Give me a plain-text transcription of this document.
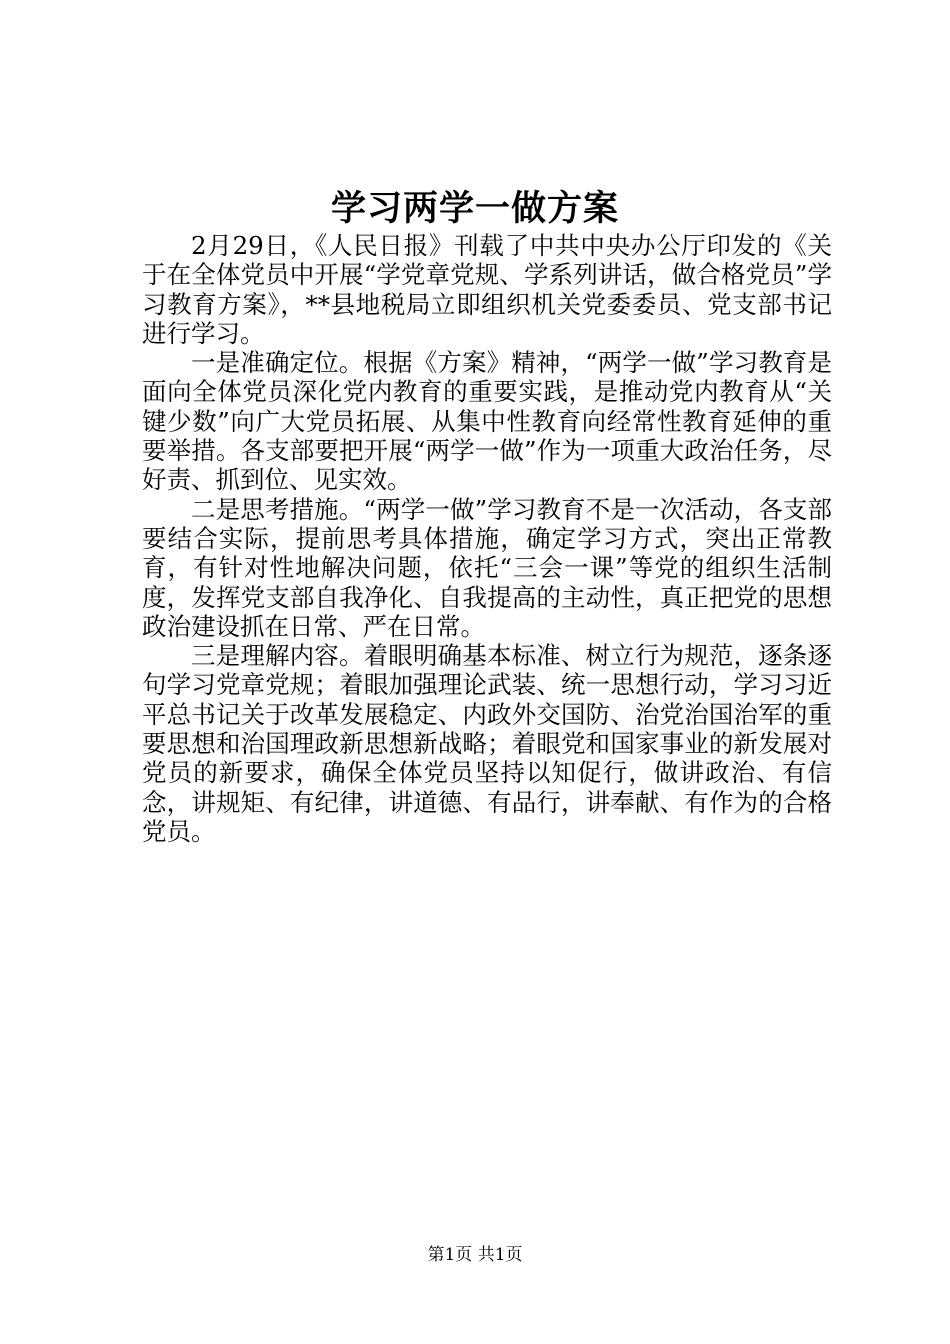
学习两学一做方案

2月29日，《人民日报》刊载了中共中央办公厅印发的《关于在全体党员中开展“学党章党规、学系列讲话，做合格党员”学习教育方案》，**县地税局立即组织机关党委委员、党支部书记进行学习。

一是准确定位。根据《方案》精神，“两学一做”学习教育是面向全体党员深化党内教育的重要实践，是推动党内教育从“关键少数”向广大党员拓展、从集中性教育向经常性教育延伸的重要举措。各支部要把开展“两学一做”作为一项重大政治任务，尽好责、抓到位、见实效。

二是思考措施。“两学一做”学习教育不是一次活动，各支部要结合实际，提前思考具体措施，确定学习方式，突出正常教育，有针对性地解决问题，依托“三会一课”等党的组织生活制度，发挥党支部自我净化、自我提高的主动性，真正把党的思想政治建设抓在日常、严在日常。

三是理解内容。着眼明确基本标准、树立行为规范，逐条逐句学习党章党规；着眼加强理论武装、统一思想行动，学习习近平总书记关于改革发展稳定、内政外交国防、治党治国治军的重要思想和治国理政新思想新战略；着眼党和国家事业的新发展对党员的新要求，确保全体党员坚持以知促行，做讲政治、有信念，讲规矩、有纪律，讲道德、有品行，讲奉献、有作为的合格党员。

第1页 共1页
